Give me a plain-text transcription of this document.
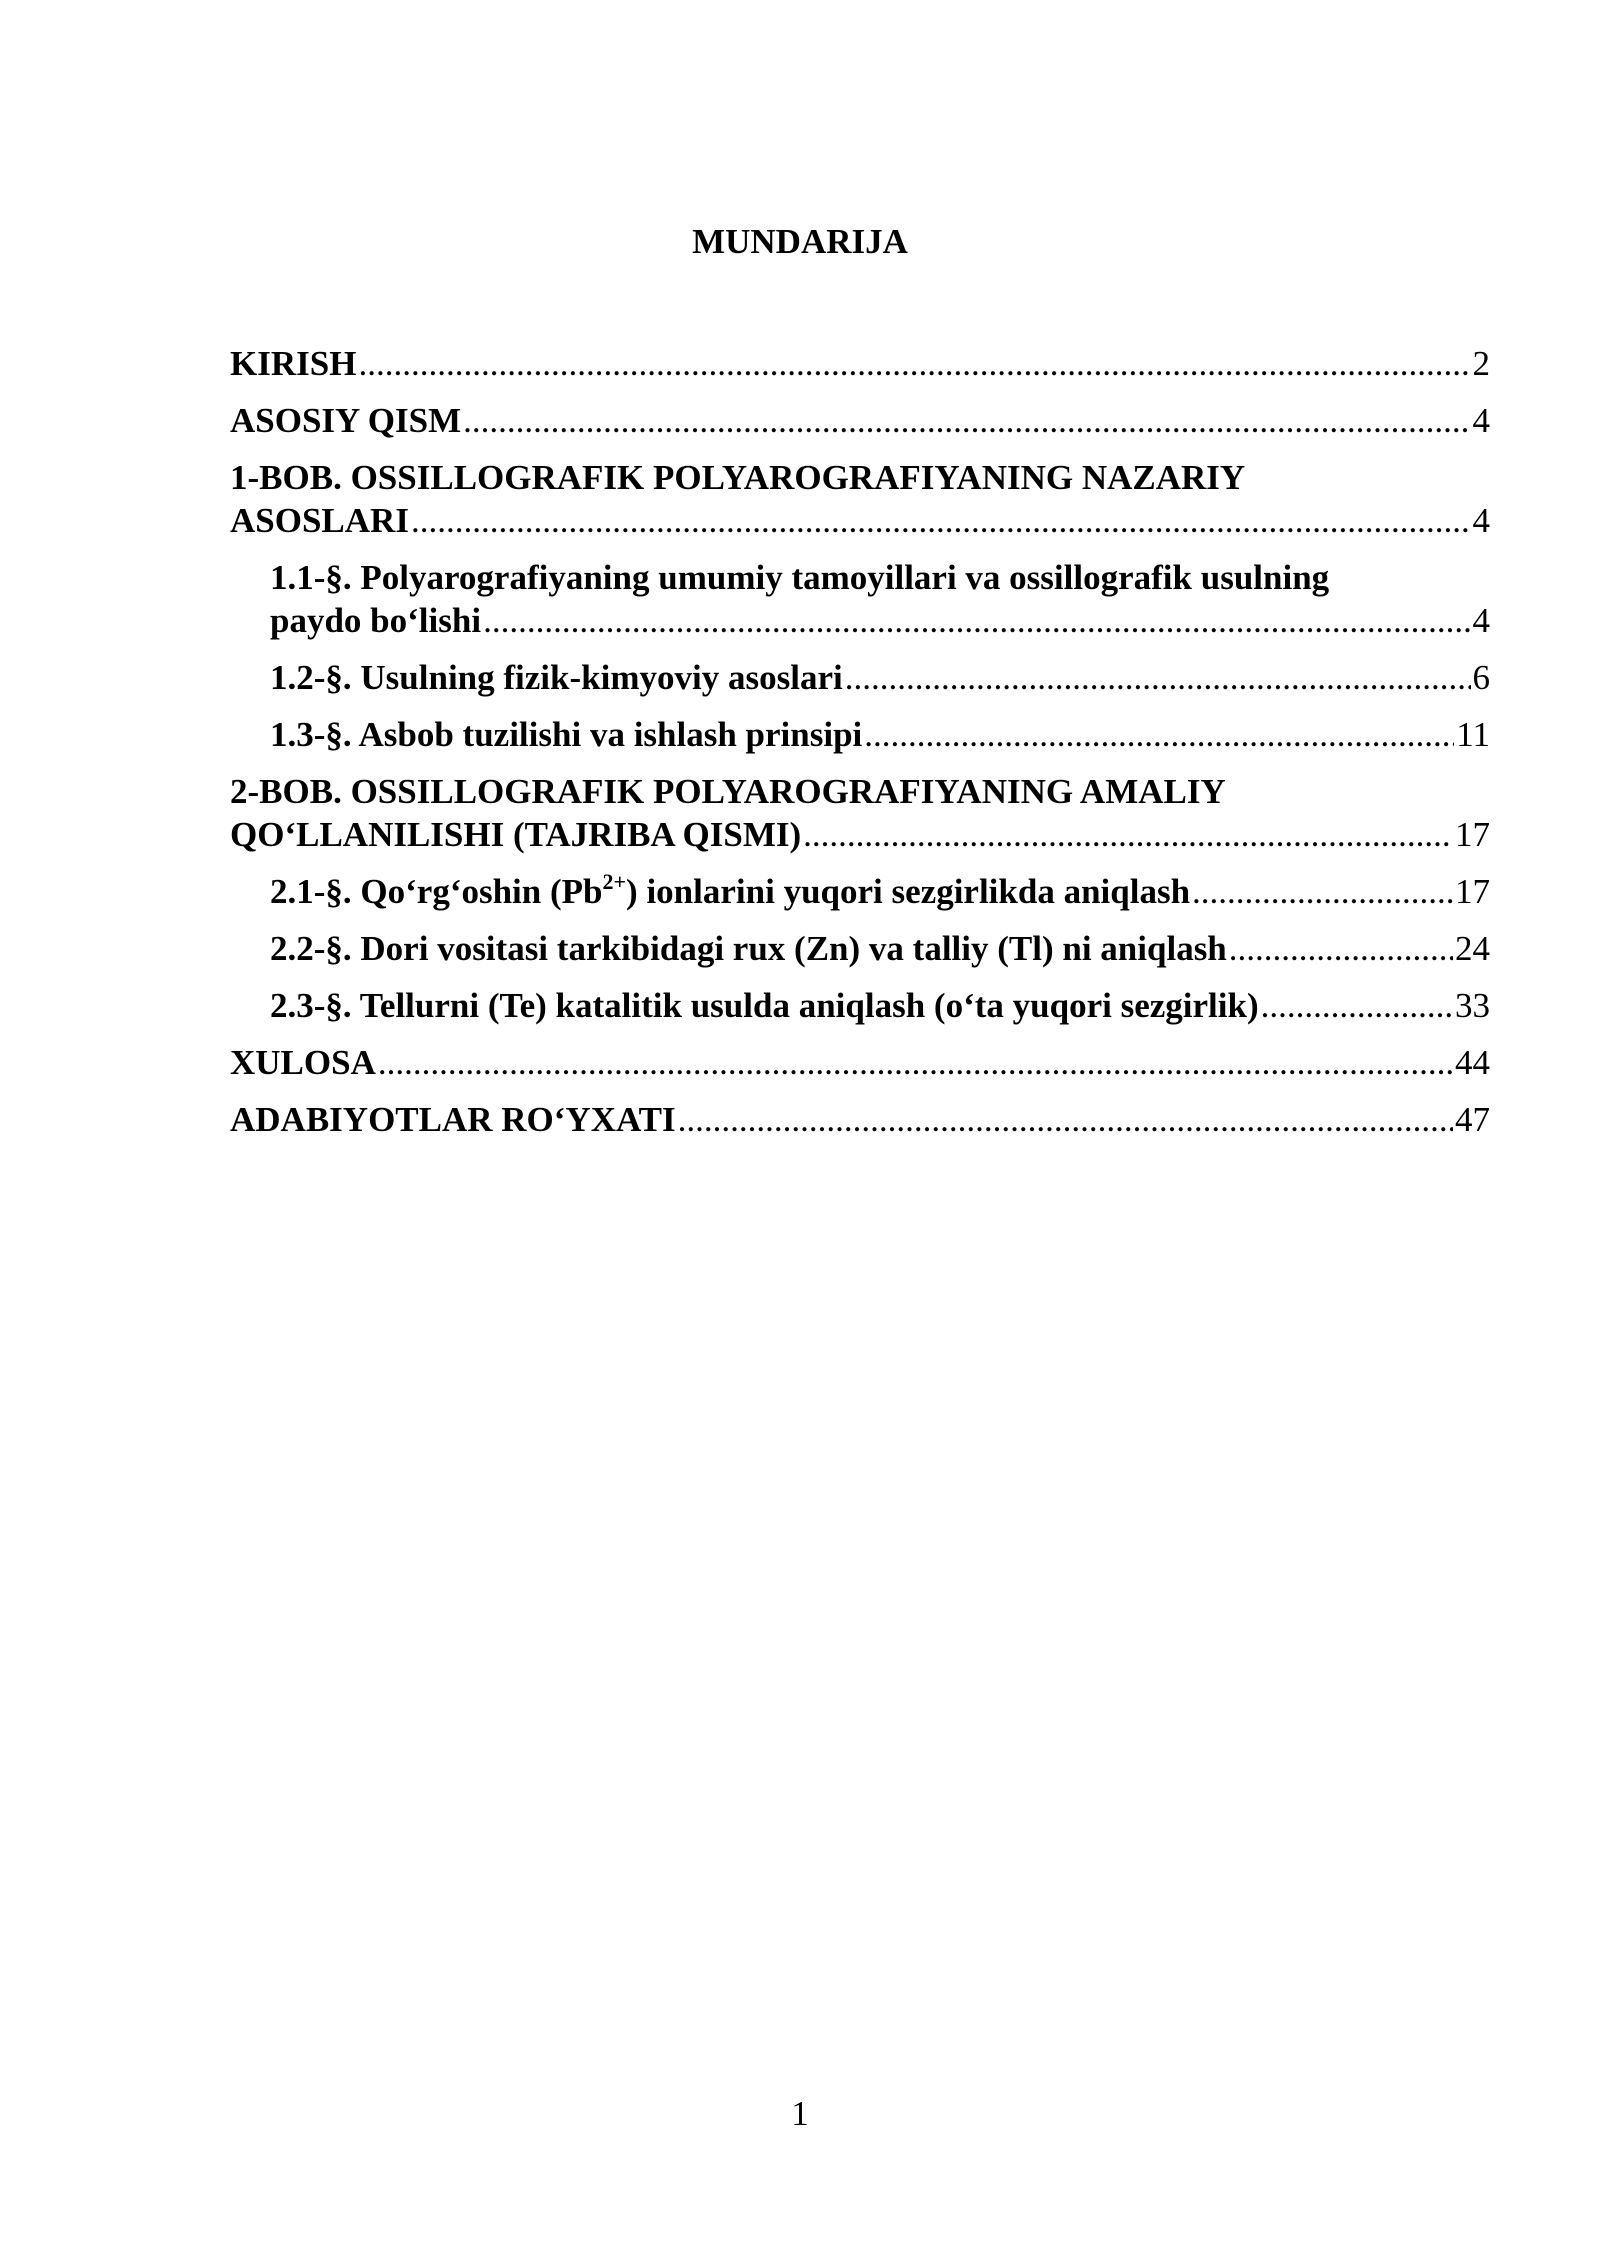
MUNDARIJA
KIRISH .....	2
ASOSIY QISM .....	4
1-BOB. OSSILLOGRAFIK POLYAROGRAFIYANING NAZARIY
ASOSLARI .....	4
1.1-§. Polyarografiyaning umumiy tamoyillari va ossillografik usulning
paydo bo‘lishi .....	4
1.2-§. Usulning fizik-kimyoviy asoslari .....	6
1.3-§. Asbob tuzilishi va ishlash prinsipi .....	11
2-BOB. OSSILLOGRAFIK POLYAROGRAFIYANING AMALIY
QO‘LLANILISHI (TAJRIBA QISMI) .....	17
2.1-§. Qo‘rg‘oshin $(Pb^{2+})$ ionlarini yuqori sezgirlikda aniqlash .....	17
2.2-§. Dori vositasi tarkibidagi rux (Zn) va talliy (Tl) ni aniqlash .....	24
2.3-§. Tellurni (Te) katalitik usulda aniqlash (o‘ta yuqori sezgirlik) .....	33
XULOSA .....	44
ADABIYOTLAR RO‘YXATI .....	47
1
